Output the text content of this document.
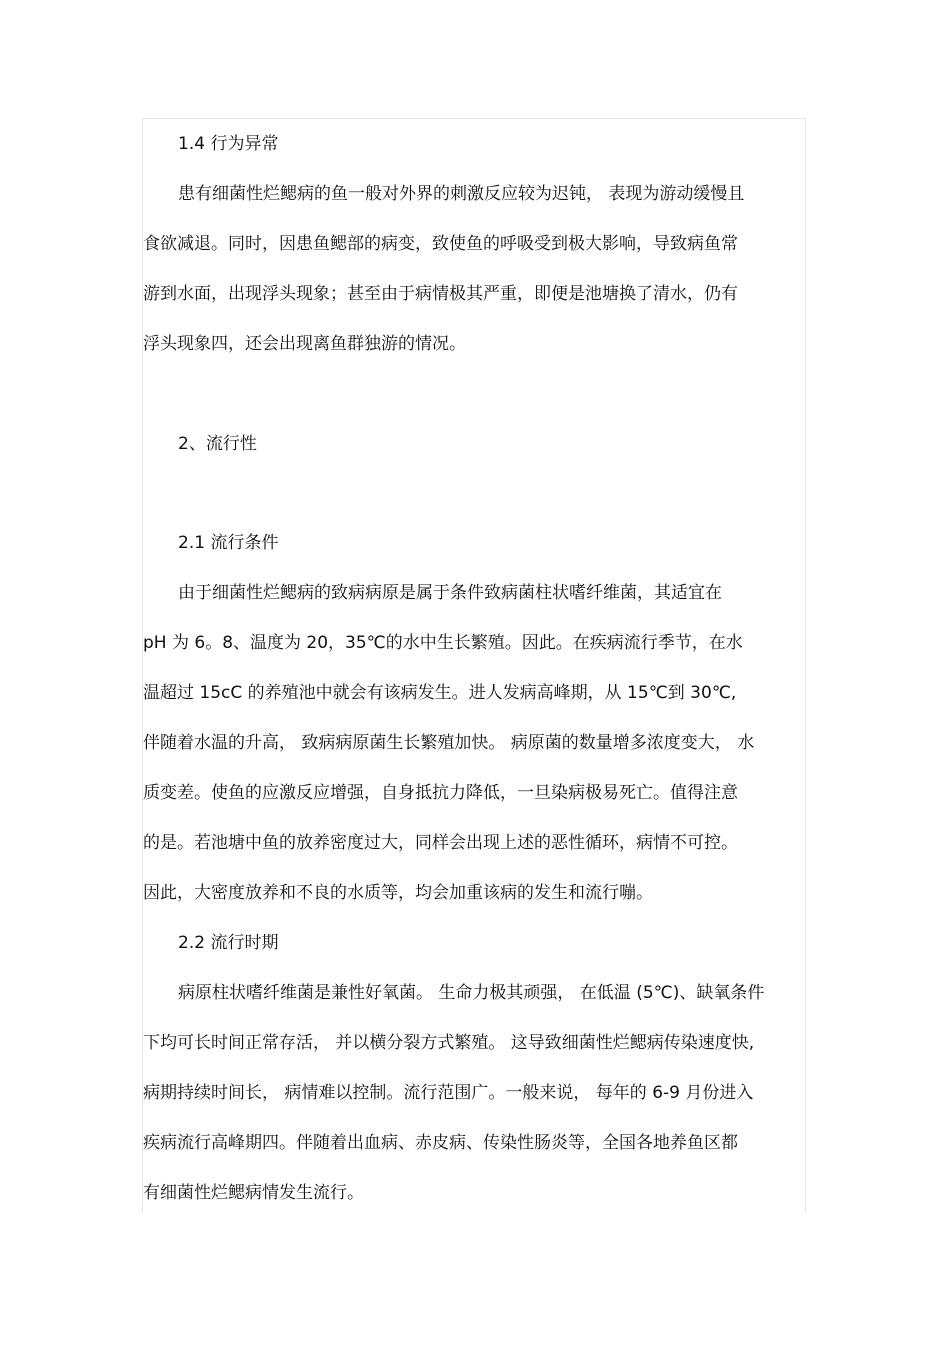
1.4 行为异常
患有细菌性烂鳃病的鱼一般对外界的刺激反应较为迟钝， 表现为游动缓慢且
食欲减退。同时，因患鱼鳃部的病变，致使鱼的呼吸受到极大影响，导致病鱼常
游到水面，出现浮头现象；甚至由于病情极其严重，即便是池塘换了清水，仍有
浮头现象四，还会出现离鱼群独游的情况。
2、流行性
2.1 流行条件
由于细菌性烂鳃病的致病病原是属于条件致病菌柱状嗜纤维菌，其适宜在
pH 为 6。8、温度为 20，35℃的水中生长繁殖。因此。在疾病流行季节，在水
温超过 15cC 的养殖池中就会有该病发生。进人发病高峰期，从 15℃到 30℃,
伴随着水温的升高， 致病病原菌生长繁殖加快。 病原菌的数量增多浓度变大， 水
质变差。使鱼的应激反应增强，自身抵抗力降低，一旦染病极易死亡。值得注意
的是。若池塘中鱼的放养密度过大，同样会出现上述的恶性循环，病情不可控。
因此，大密度放养和不良的水质等，均会加重该病的发生和流行嘣。
2.2 流行时期
病原柱状嗜纤维菌是兼性好氧菌。 生命力极其顽强， 在低温 (5℃)、缺氧条件
下均可长时间正常存活， 并以横分裂方式繁殖。 这导致细菌性烂鳃病传染速度快,
病期持续时间长， 病情难以控制。流行范围广。一般来说， 每年的 6-9 月份进入
疾病流行高峰期四。伴随着出血病、赤皮病、传染性肠炎等，全国各地养鱼区都
有细菌性烂鳃病情发生流行。
